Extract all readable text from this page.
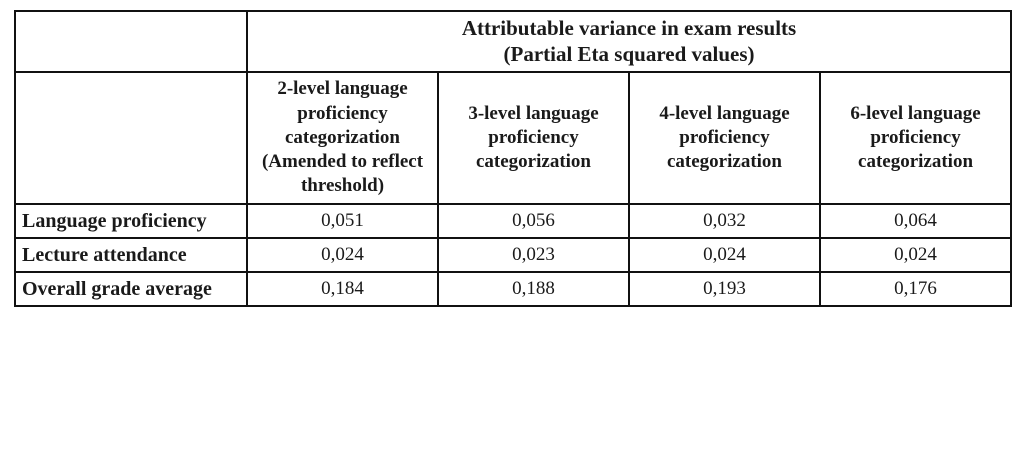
	Attributable variance in exam results
(Partial Eta squared values)			

	2-level language proficiency categorization (Amended to reflect threshold)	3-level language proficiency categorization	4-level language proficiency categorization	6-level language proficiency categorization

Language proficiency	0,051	0,056	0,032	0,064
Lecture attendance	0,024	0,023	0,024	0,024
Overall grade average	0,184	0,188	0,193	0,176
